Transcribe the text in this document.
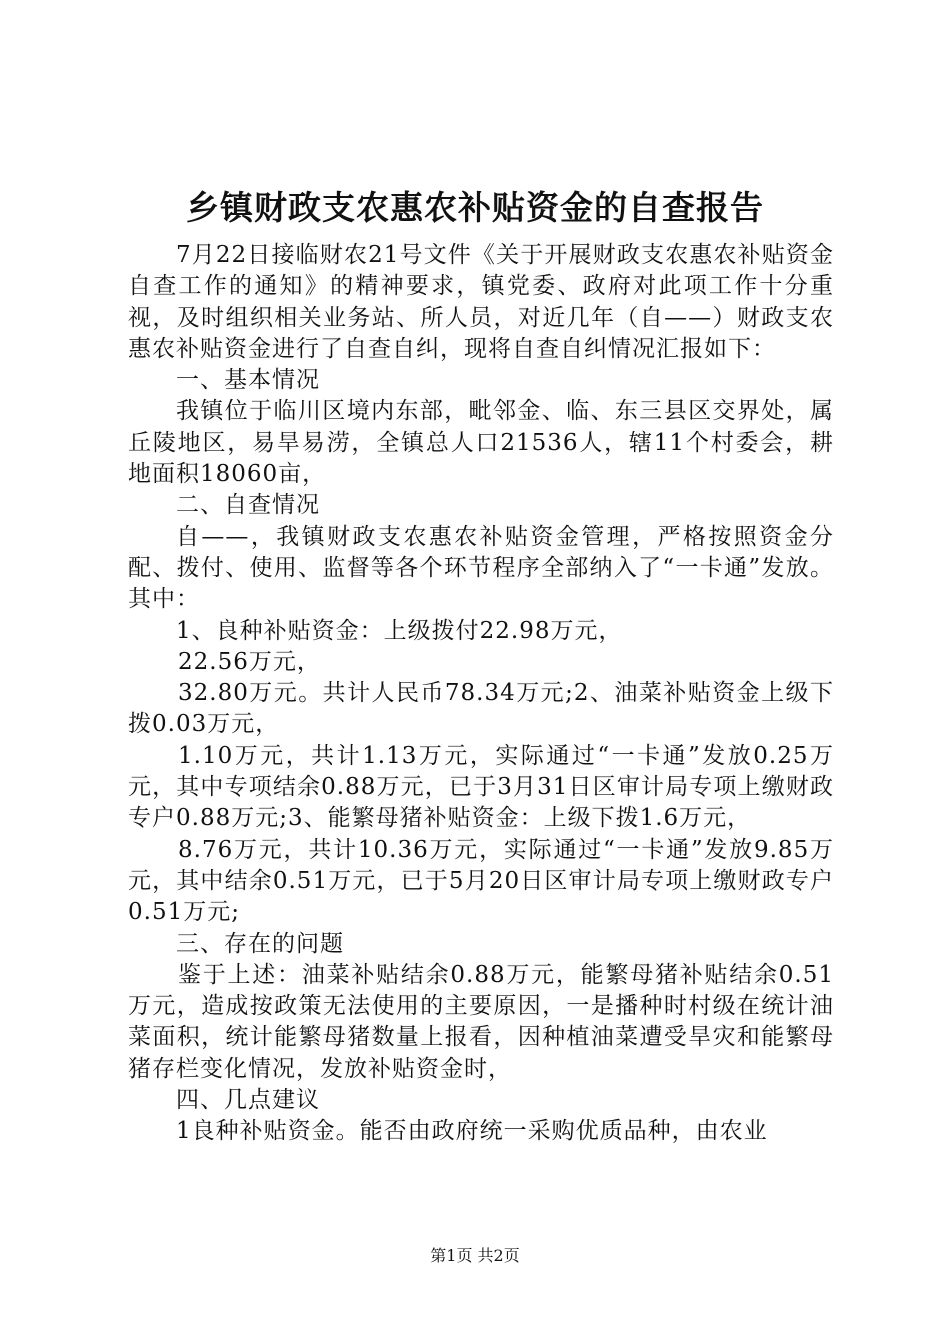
乡镇财政支农惠农补贴资金的自查报告

7月22日接临财农21号文件《关于开展财政支农惠农补贴资金自查工作的通知》的精神要求，镇党委、政府对此项工作十分重视，及时组织相关业务站、所人员，对近几年（自——）财政支农惠农补贴资金进行了自查自纠，现将自查自纠情况汇报如下：

一、基本情况

我镇位于临川区境内东部，毗邻金、临、东三县区交界处，属丘陵地区，易旱易涝，全镇总人口21536人，辖11个村委会，耕地面积18060亩，

二、自查情况

自——，我镇财政支农惠农补贴资金管理，严格按照资金分配、拨付、使用、监督等各个环节程序全部纳入了“一卡通”发放。其中：

1、良种补贴资金：上级拨付22.98万元，

22.56万元，

32.80万元。共计人民币78.34万元;2、油菜补贴资金上级下拨0.03万元，

1.10万元，共计1.13万元，实际通过“一卡通”发放0.25万元，其中专项结余0.88万元，已于3月31日区审计局专项上缴财政专户0.88万元;3、能繁母猪补贴资金：上级下拨1.6万元，

8.76万元，共计10.36万元，实际通过“一卡通”发放9.85万元，其中结余0.51万元，已于5月20日区审计局专项上缴财政专户0.51万元;

三、存在的问题

鉴于上述：油菜补贴结余0.88万元，能繁母猪补贴结余0.51万元，造成按政策无法使用的主要原因，一是播种时村级在统计油菜面积，统计能繁母猪数量上报看，因种植油菜遭受旱灾和能繁母猪存栏变化情况，发放补贴资金时，

四、几点建议

1良种补贴资金。能否由政府统一采购优质品种，由农业

第1页 共2页
